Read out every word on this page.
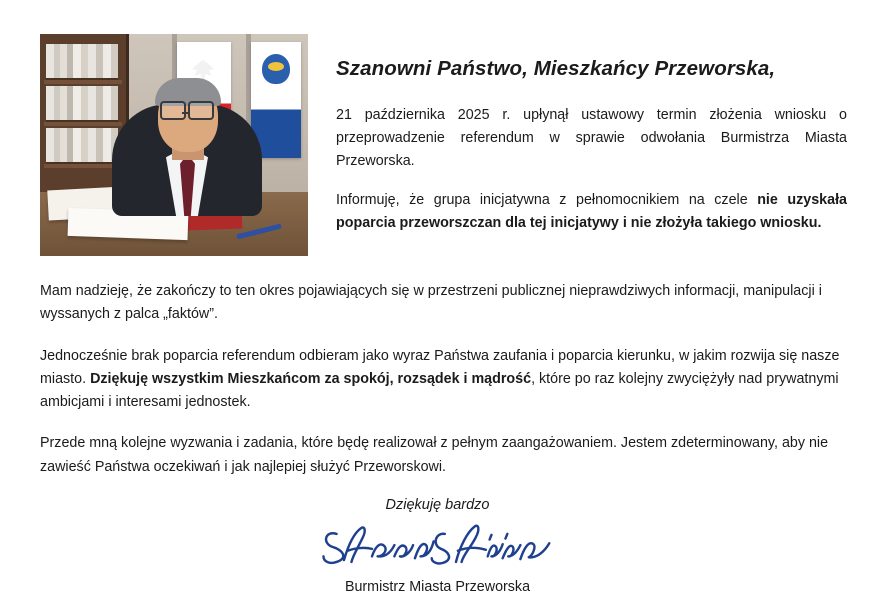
Szanowni Państwo, Mieszkańcy Przeworska,

21 października 2025 r. upłynął ustawowy termin złożenia wniosku o przeprowadzenie referendum w sprawie odwołania Burmistrza Miasta Przeworska.

Informuję, że grupa inicjatywna z pełnomocnikiem na czele nie uzyskała poparcia przeworszczan dla tej inicjatywy i nie złożyła takiego wniosku.

Mam nadzieję, że zakończy to ten okres pojawiających się w przestrzeni publicznej nieprawdziwych informacji, manipulacji i wyssanych z palca „faktów”.

Jednocześnie brak poparcia referendum odbieram jako wyraz Państwa zaufania i poparcia kierunku, w jakim rozwija się nasze miasto. Dziękuję wszystkim Mieszkańcom za spokój, rozsądek i mądrość, które po raz kolejny zwyciężyły nad prywatnymi ambicjami i interesami jednostek.

Przede mną kolejne wyzwania i zadania, które będę realizował z pełnym zaangażowaniem. Jestem zdeterminowany, aby nie zawieść Państwa oczekiwań i jak najlepiej służyć Przeworskowi.

Dziękuję bardzo

Burmistrz Miasta Przeworska
